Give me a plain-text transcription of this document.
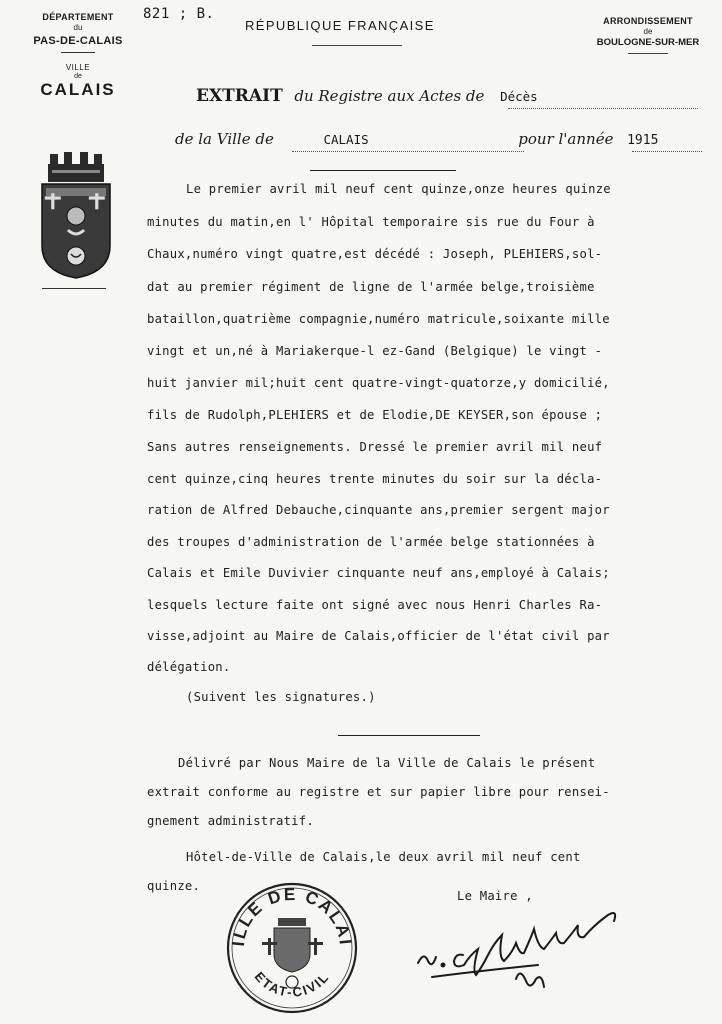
DÉPARTEMENT
du
PAS-DE-CALAIS
VILLE
de
CALAIS
821 ; B.
RÉPUBLIQUE FRANÇAISE	ARRONDISSEMENT
de
BOULOGNE-SUR-MER
EXTRAIT du Registre aux Actes de Décès
de la Ville de	CALAIS	pour l'année 1915
Le premier avril mil neuf cent quinze,onze heures quinze
minutes du matin,en l' Hôpital temporaire sis rue du Four à
Chaux,numéro vingt quatre,est décédé : Joseph, PLEHIERS,sol-
dat au premier régiment de ligne de l'armée belge,troisième
bataillon,quatrième compagnie,numéro matricule,soixante mille
vingt et un,né à Mariakerque-l ez-Gand (Belgique) le vingt -
huit janvier mil;huit cent quatre-vingt-quatorze,y domicilié,
fils de Rudolph,PLEHIERS et de Elodie,DE KEYSER,son épouse ;
Sans autres renseignements. Dressé le premier avril mil neuf
cent quinze,cinq heures trente minutes du soir sur la décla-
ration de Alfred Debauche,cinquante ans,premier sergent major
des troupes d'administration de l'armée belge stationnées à
Calais et Emile Duvivier cinquante neuf ans,employé à Calais;
lesquels lecture faite ont signé avec nous Henri Charles Ra-
visse,adjoint au Maire de Calais,officier de l'état civil par
délégation.
(Suivent les signatures.)
Délivré par Nous Maire de la Ville de Calais le présent
extrait conforme au registre et sur papier libre pour rensei-
gnement administratif.
Hôtel-de-Ville de Calais,le deux avril mil neuf cent
quinze.
Le Maire ,
ILLE DE CALAI
ETAT-CIVIL
